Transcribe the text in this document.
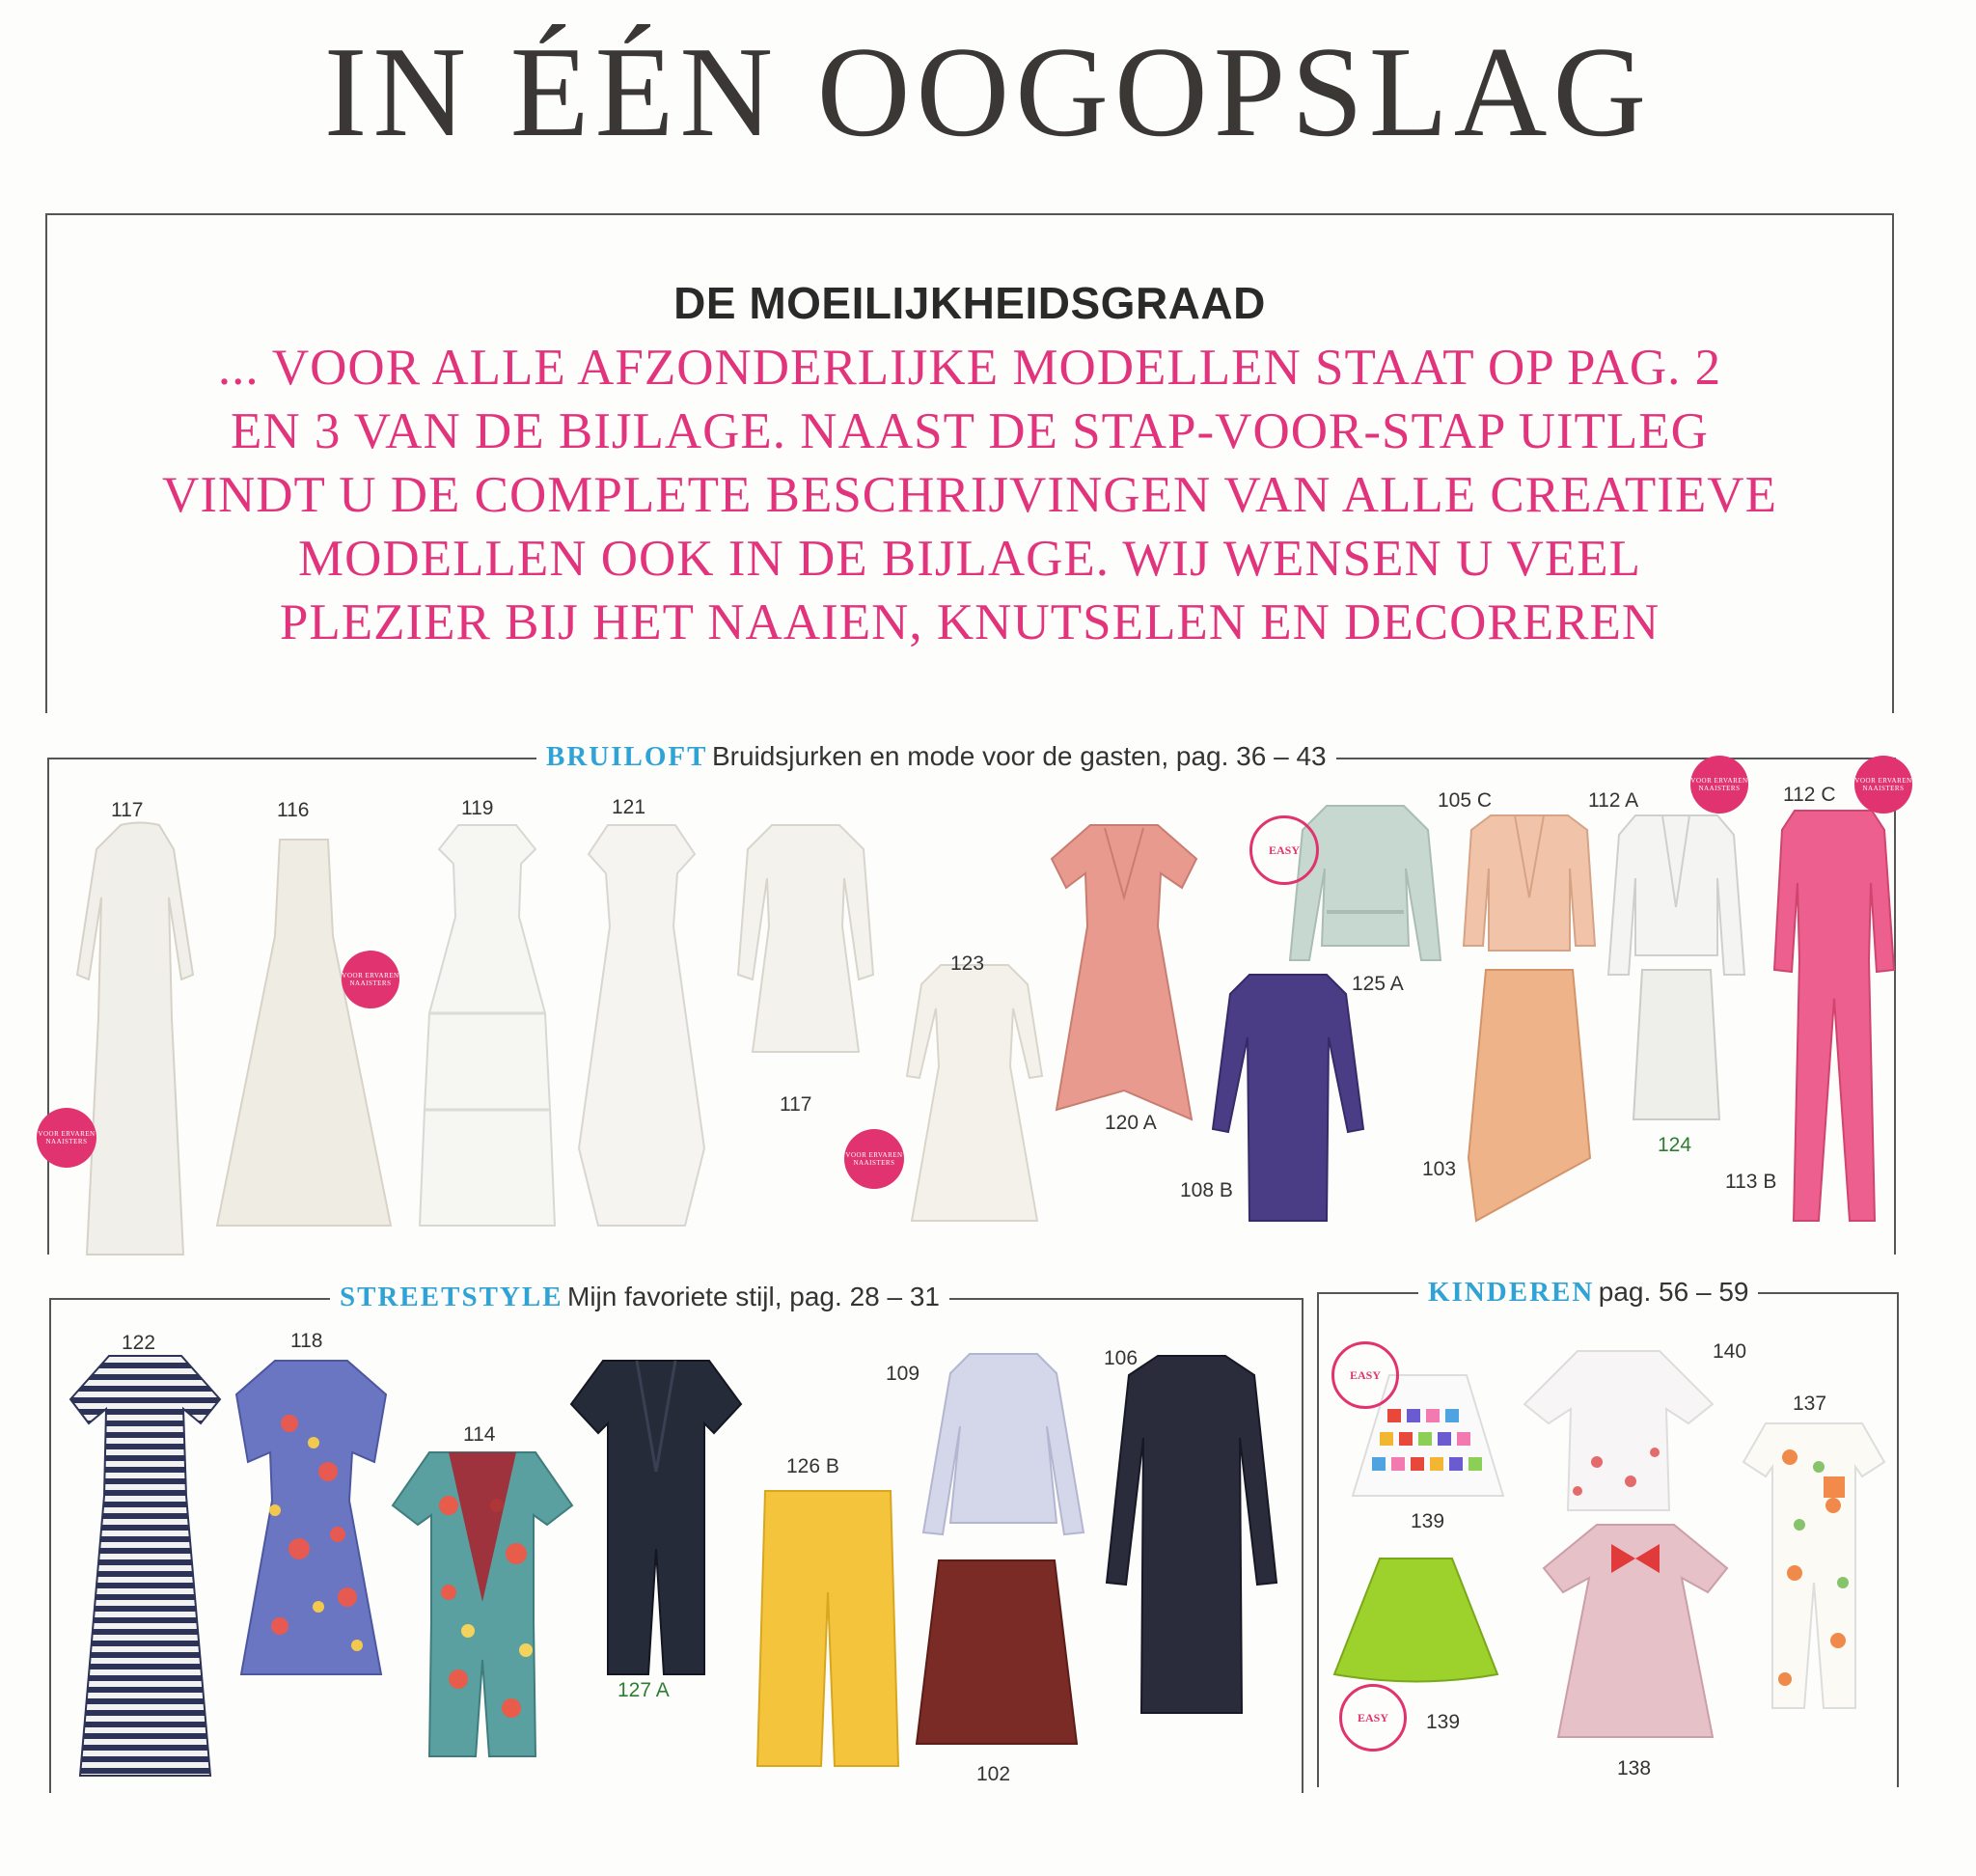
IN ÉÉN OOGOPSLAG
DE MOEILIJKHEIDSGRAAD
... VOOR ALLE AFZONDERLIJKE MODELLEN STAAT OP PAG. 2
EN 3 VAN DE BIJLAGE. NAAST DE STAP-VOOR-STAP UITLEG
VINDT U DE COMPLETE BESCHRIJVINGEN VAN ALLE CREATIEVE
MODELLEN OOK IN DE BIJLAGE. WIJ WENSEN U VEEL
PLEZIER BIJ HET NAAIEN, KNUTSELEN EN DECOREREN
BRUILOFT Bruidsjurken en mode voor de gasten, pag. 36 – 43
STREETSTYLE Mijn favoriete stijl, pag. 28 – 31	KINDEREN pag. 56 – 59
VOOR ERVAREN NAAISTERS
VOOR ERVAREN NAAISTERS
VOOR ERVAREN NAAISTERS
VOOR ERVAREN NAAISTERS
VOOR ERVAREN NAAISTERS
EASY
117	116	119	121
123
117
120 A
125 A
108 B
105 C	112 A	112 C
103
124
113 B
122	118
114
127 A
126 B
109
102
106
EASY
EASY
140
137
139
139
138
